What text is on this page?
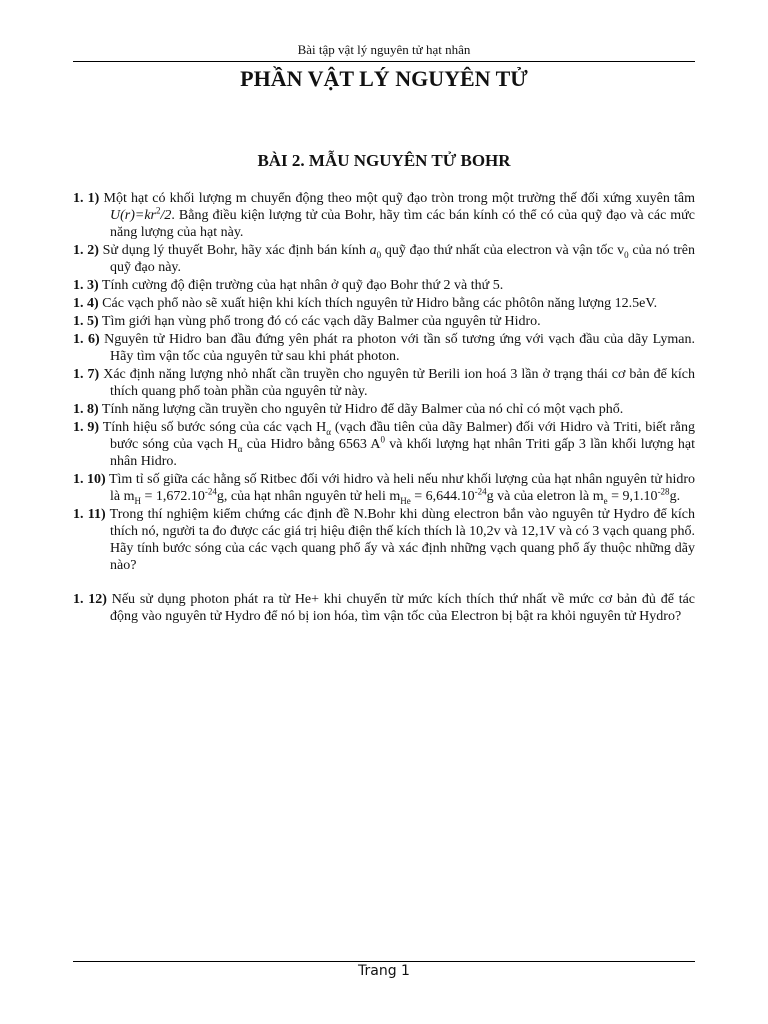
Bài tập vật lý nguyên tử hạt nhân
PHẦN VẬT LÝ NGUYÊN TỬ
BÀI 2. MẪU NGUYÊN TỬ BOHR

1. 1) Một hạt có khối lượng m chuyển động theo một quỹ đạo tròn trong một trường thế đối xứng xuyên tâm $U(r)=kr^2/2$. Bằng điều kiện lượng tử của Bohr, hãy tìm các bán kính có thể có của quỹ đạo và các mức năng lượng của hạt này.

1. 2) Sử dụng lý thuyết Bohr, hãy xác định bán kính $a_0$ quỹ đạo thứ nhất của electron và vận tốc $v_0$ của nó trên quỹ đạo này.

1. 3) Tính cường độ điện trường của hạt nhân ở quỹ đạo Bohr thứ 2 và thứ 5.

1. 4) Các vạch phổ nào sẽ xuất hiện khi kích thích nguyên tử Hidro bằng các phôtôn năng lượng 12.5eV.

1. 5) Tìm giới hạn vùng phổ trong đó có các vạch dãy Balmer của nguyên tử Hidro.

1. 6) Nguyên tử Hidro ban đầu đứng yên phát ra photon với tần số tương ứng với vạch đầu của dãy Lyman. Hãy tìm vận tốc của nguyên tử sau khi phát photon.

1. 7) Xác định năng lượng nhỏ nhất cần truyền cho nguyên tử Berili ion hoá 3 lần ở trạng thái cơ bản để kích thích quang phổ toàn phần của nguyên tử này.

1. 8) Tính năng lượng cần truyền cho nguyên tử Hidro để dãy Balmer của nó chỉ có một vạch phổ.

1. 9) Tính hiệu số bước sóng của các vạch $H_\alpha$ (vạch đầu tiên của dãy Balmer) đối với Hidro và Triti, biết rằng bước sóng của vạch $H_\alpha$ của Hidro bằng 6563 $A^0$ và khối lượng hạt nhân Triti gấp 3 lần khối lượng hạt nhân Hidro.

1. 10) Tìm tỉ số giữa các hằng số Ritbec đối với hidro và heli nếu như khối lượng của hạt nhân nguyên tử hidro là $m_H = 1,672.10^{-24}g$, của hạt nhân nguyên tử heli $m_{He} = 6,644.10^{-24}g$ và của eletron là $m_e = 9,1.10^{-28}g$.

1. 11) Trong thí nghiệm kiểm chứng các định đề N.Bohr khi dùng electron bắn vào nguyên tử Hydro để kích thích nó, người ta đo được các giá trị hiệu điện thế kích thích là 10,2v và 12,1V và có 3 vạch quang phổ. Hãy tính bước sóng của các vạch quang phổ ấy và xác định những vạch quang phổ ấy thuộc những dãy nào?

1. 12) Nếu sử dụng photon phát ra từ He+ khi chuyển từ mức kích thích thứ nhất về mức cơ bản đủ để tác động vào nguyên tử Hydro để nó bị ion hóa, tìm vận tốc của Electron bị bật ra khỏi nguyên tử Hydro?

Trang 1
